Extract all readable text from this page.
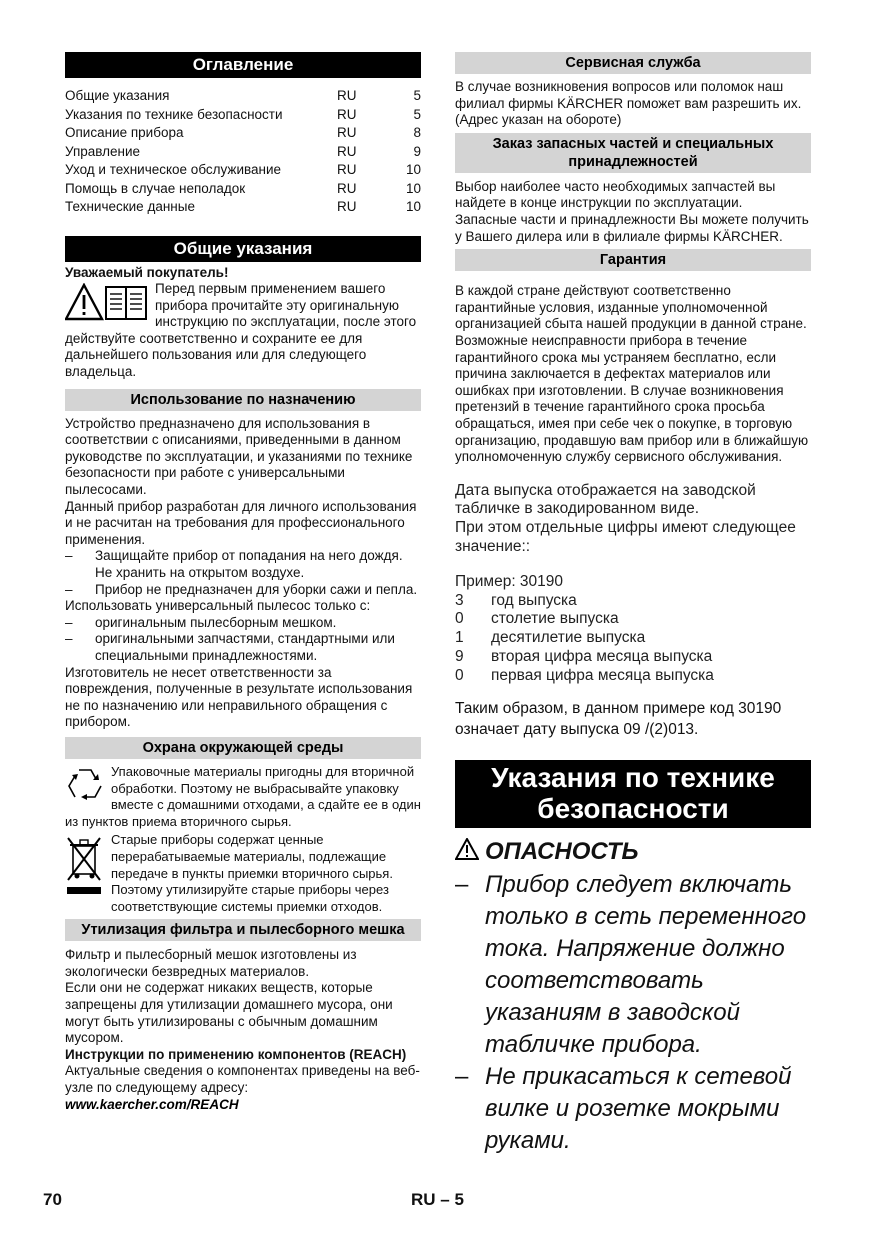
Оглавление
Общие указания	RU	5
Указания по технике безопасности	RU	5
Описание прибора	RU	8
Управление	RU	9
Уход и техническое обслуживание	RU	10
Помощь в случае неполадок	RU	10
Технические данные	RU	10
Общие указания

Уважаемый покупатель!

Перед первым применением вашего прибора прочитайте эту оригинальную инструкцию по эксплуатации, после этого действуйте соответственно и сохраните ее для дальнейшего пользования или для следующего владельца.

Использование по назначению

Устройство предназначено для использования в соответствии с описаниями, приведенными в данном руководстве по эксплуатации, и указаниями по технике безопасности при работе с универсальными пылесосами.

Данный прибор разработан для личного использования и не расчитан на требования для профессионального применения.

–	Защищайте прибор от попадания на него дождя. Не хранить на открытом воздухе.
–	Прибор не предназначен для уборки сажи и пепла.

Использовать универсальный пылесос только с:

–	оригинальным пылесборным мешком.
–	оригинальными запчастями, стандартными или специальными принадлежностями.

Изготовитель не несет ответственности за повреждения, полученные в результате использования не по назначению или неправильного обращения с прибором.

Охрана окружающей среды

Упаковочные материалы пригодны для вторичной обработки. Поэтому не выбрасывайте упаковку вместе с домашними отходами, а сдайте ее в один из пунктов приема вторичного сырья.

Старые приборы содержат ценные перерабатываемые материалы, подлежащие передаче в пункты приемки вторичного сырья. Поэтому утилизируйте старые приборы через соответствующие системы приемки отходов.

Утилизация фильтра и пылесборного мешка

Фильтр и пылесборный мешок изготовлены из экологически безвредных материалов.

Если они не содержат никаких веществ, которые запрещены для утилизации домашнего мусора, они могут быть утилизированы с обычным домашним мусором.

Инструкции по применению компонентов (REACH)

Актуальные сведения о компонентах приведены на веб-узле по следующему адресу:

www.kaercher.com/REACH

Сервисная служба

В случае возникновения вопросов или поломок наш филиал фирмы KÄRCHER поможет вам разрешить их.

(Адрес указан на обороте)

Заказ запасных частей и специальных принадлежностей

Выбор наиболее часто необходимых запчастей вы найдете в конце инструкции по эксплуатации.

Запасные части и принадлежности Вы можете получить у Вашего дилера или в филиале фирмы KÄRCHER.

Гарантия

В каждой стране действуют соответственно гарантийные условия, изданные уполномоченной организацией сбыта нашей продукции в данной стране. Возможные неисправности прибора в течение гарантийного срока мы устраняем бесплатно, если причина заключается в дефектах материалов или ошибках при изготовлении. В случае возникновения претензий в течение гарантийного срока просьба обращаться, имея при себе чек о покупке, в торговую организацию, продавшую вам прибор или в ближайшую уполномоченную службу сервисного обслуживания.

Дата выпуска отображается на заводской табличке в закодированном виде.
При этом отдельные цифры имеют следующее значение::
Пример: 30190
3	год выпуска
0	столетие выпуска
1	десятилетие выпуска
9	вторая цифра месяца выпуска
0	первая цифра месяца выпуска
Таким образом, в данном примере код 30190 означает дату выпуска 09 /(2)013.
Указания по технике безопасности
ОПАСНОСТЬ
– Прибор следует включать только в сеть переменного тока. Напряжение должно соответствовать указаниям в заводской табличке прибора.
– Не прикасаться к сетевой вилке и розетке мокрыми руками.
70	RU – 5
